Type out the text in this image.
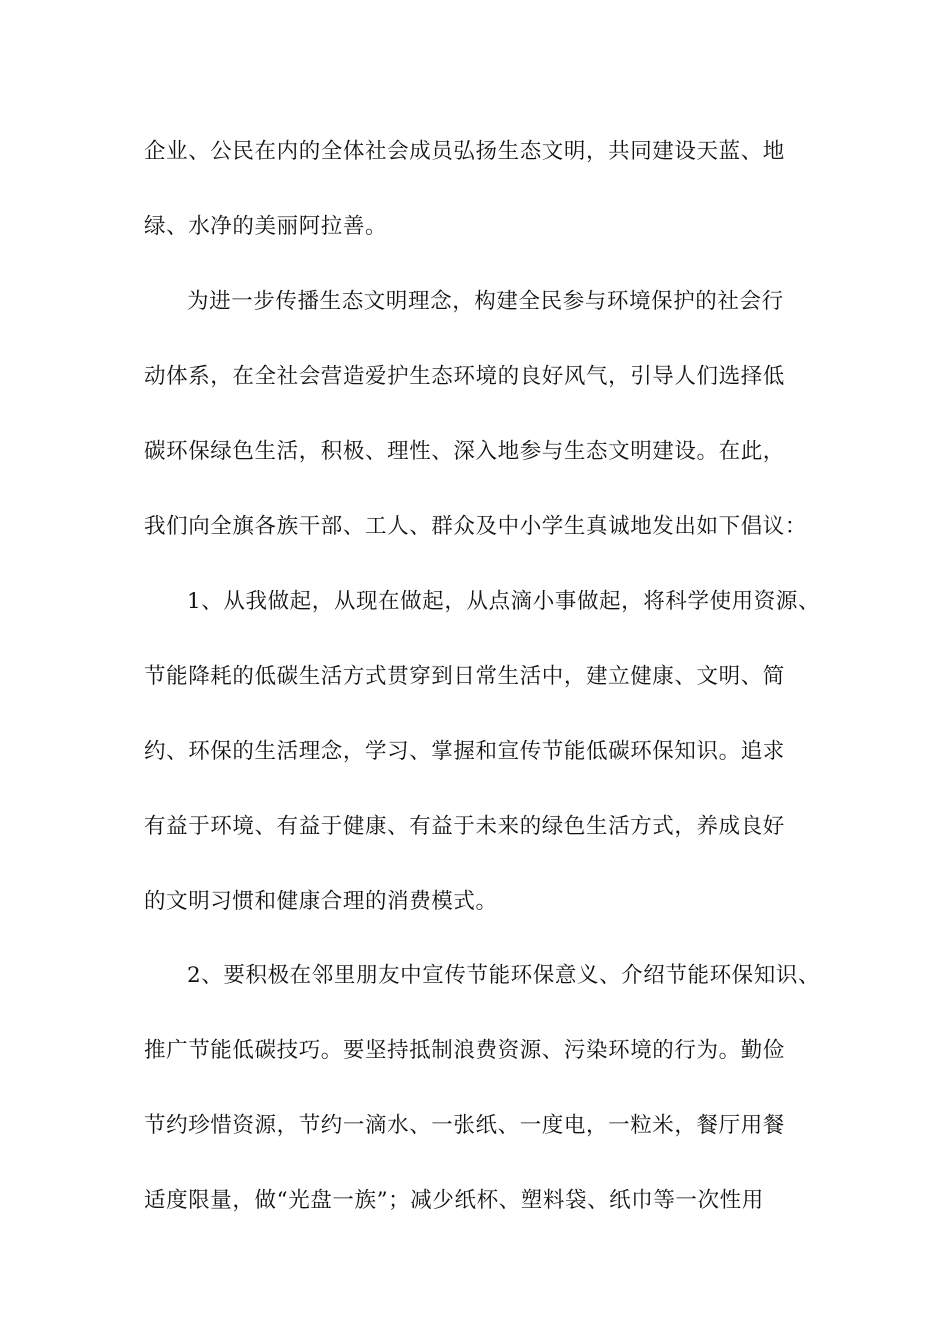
企业、公民在内的全体社会成员弘扬生态文明，共同建设天蓝、地
绿、水净的美丽阿拉善。
为进一步传播生态文明理念，构建全民参与环境保护的社会行
动体系，在全社会营造爱护生态环境的良好风气，引导人们选择低
碳环保绿色生活，积极、理性、深入地参与生态文明建设。在此，
我们向全旗各族干部、工人、群众及中小学生真诚地发出如下倡议：
1、从我做起，从现在做起，从点滴小事做起，将科学使用资源、
节能降耗的低碳生活方式贯穿到日常生活中，建立健康、文明、简
约、环保的生活理念，学习、掌握和宣传节能低碳环保知识。追求
有益于环境、有益于健康、有益于未来的绿色生活方式，养成良好
的文明习惯和健康合理的消费模式。
2、要积极在邻里朋友中宣传节能环保意义、介绍节能环保知识、
推广节能低碳技巧。要坚持抵制浪费资源、污染环境的行为。勤俭
节约珍惜资源，节约一滴水、一张纸、一度电，一粒米，餐厅用餐
适度限量，做“光盘一族”；减少纸杯、塑料袋、纸巾等一次性用
